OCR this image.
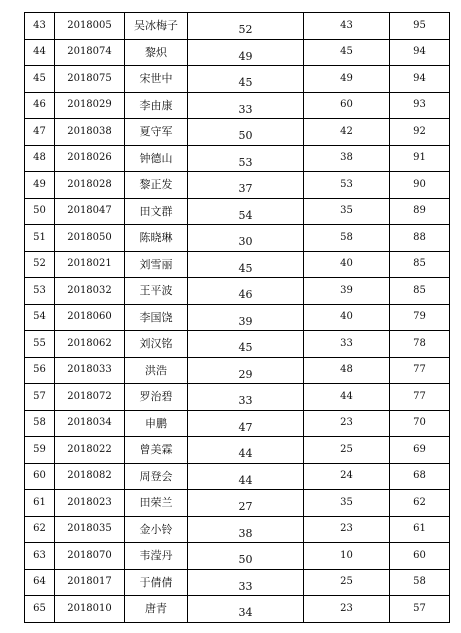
43	2018005	吴冰梅子	52	43	95
44	2018074	黎炽	49	45	94
45	2018075	宋世中	45	49	94
46	2018029	李由康	33	60	93
47	2018038	夏守军	50	42	92
48	2018026	钟德山	53	38	91
49	2018028	黎正发	37	53	90
50	2018047	田文群	54	35	89
51	2018050	陈晓琳	30	58	88
52	2018021	刘雪丽	45	40	85
53	2018032	王平波	46	39	85
54	2018060	李国饶	39	40	79
55	2018062	刘汉铭	45	33	78
56	2018033	洪浩	29	48	77
57	2018072	罗治碧	33	44	77
58	2018034	申鹏	47	23	70
59	2018022	曾美霖	44	25	69
60	2018082	周登会	44	24	68
61	2018023	田荣兰	27	35	62
62	2018035	金小铃	38	23	61
63	2018070	韦滢丹	50	10	60
64	2018017	于倩倩	33	25	58
65	2018010	唐青	34	23	57
